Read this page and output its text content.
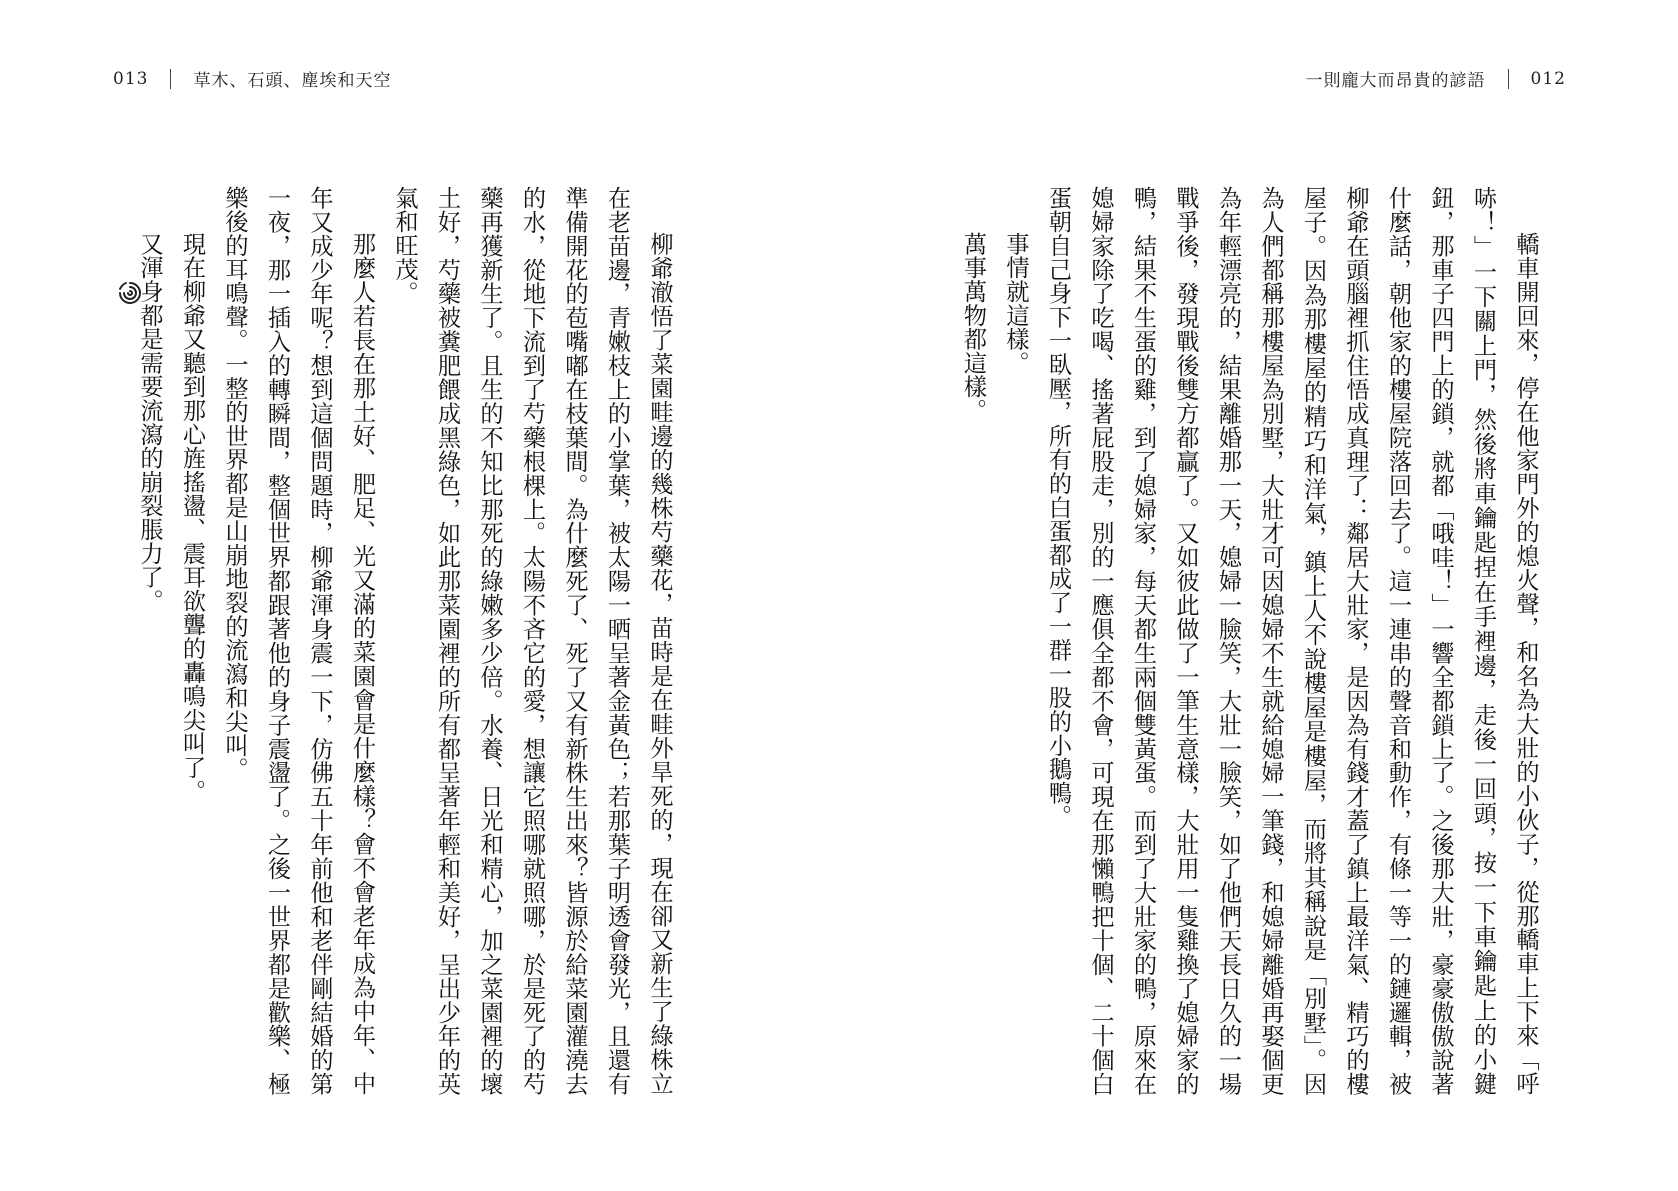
013	草木、石頭、塵埃和天空	一則龐大而昂貴的諺語	012

轎車開回來，停在他家門外的熄火聲，和名為大壯的小伙子，從那轎車上下來「呼哧！」一下關上門，然後將車鑰匙捏在手裡邊，走後一回頭，按一下車鑰匙上的小鍵鈕，那車子四門上的鎖，就都「哦哇！」一響全都鎖上了。之後那大壯，豪豪傲傲說著什麼話，朝他家的樓屋院落回去了。這一連串的聲音和動作，有條一等一的鏈邏輯，被柳爺在頭腦裡抓住悟成真理了：鄰居大壯家，是因為有錢才蓋了鎮上最洋氣、精巧的樓屋子。因為那樓屋的精巧和洋氣，鎮上人不說樓屋是樓屋，而將其稱說是「別墅」。因為人們都稱那樓屋為別墅，大壯才可因媳婦不生就給媳婦一筆錢，和媳婦離婚再娶個更為年輕漂亮的，結果離婚那一天，媳婦一臉笑，大壯一臉笑，如了他們天長日久的一場戰爭後，發現戰後雙方都贏了。又如彼此做了一筆生意樣，大壯用一隻雞換了媳婦家的鴨，結果不生蛋的雞，到了媳婦家，每天都生兩個雙黃蛋。而到了大壯家的鴨，原來在媳婦家除了吃喝、搖著屁股走，別的一應俱全都不會，可現在那懶鴨把十個、二十個白蛋朝自己身下一臥壓，所有的白蛋都成了一群一股的小鵝鴨。

事情就這樣。

萬事萬物都這樣。

柳爺澈悟了菜園畦邊的幾株芍藥花，苗時是在畦外旱死的，現在卻又新生了綠株立在老苗邊，青嫩枝上的小掌葉，被太陽一晒呈著金黃色；若那葉子明透會發光，且還有準備開花的苞嘴嘟在枝葉間。為什麼死了、死了又有新株生出來？皆源於給菜園灌澆去的水，從地下流到了芍藥根棵上。太陽不吝它的愛，想讓它照哪就照哪，於是死了的芍藥再獲新生了。且生的不知比那死的綠嫩多少倍。水養、日光和精心，加之菜園裡的壞土好，芍藥被糞肥餵成黑綠色，如此那菜園裡的所有都呈著年輕和美好，呈出少年的英氣和旺茂。

那麼人若長在那土好、肥足、光又滿的菜園會是什麼樣？會不會老年成為中年、中年又成少年呢？想到這個問題時，柳爺渾身震一下，仿佛五十年前他和老伴剛結婚的第一夜，那一插入的轉瞬間，整個世界都跟著他的身子震盪了。之後一世界都是歡樂、極樂後的耳鳴聲。一整的世界都是山崩地裂的流瀉和尖叫。

現在柳爺又聽到那心旌搖盪、震耳欲聾的轟鳴尖叫了。

又渾身都是需要流瀉的崩裂脹力了。
